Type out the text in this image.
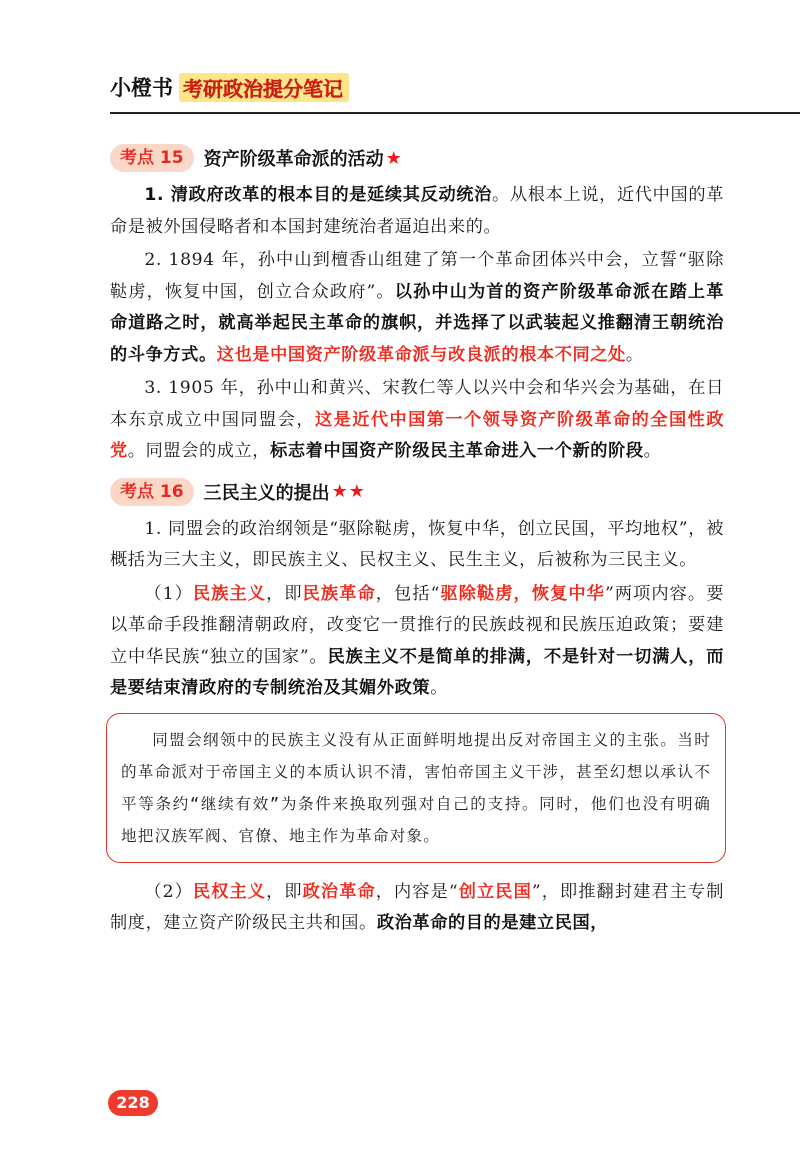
小橙书 考研政治提分笔记
考点 15	资产阶级革命派的活动 ★

1. 清政府改革的根本目的是延续其反动统治。从根本上说，近代中国的革命是被外国侵略者和本国封建统治者逼迫出来的。

2. 1894 年，孙中山到檀香山组建了第一个革命团体兴中会，立誓“驱除鞑虏，恢复中国，创立合众政府”。以孙中山为首的资产阶级革命派在踏上革命道路之时，就高举起民主革命的旗帜，并选择了以武装起义推翻清王朝统治的斗争方式。这也是中国资产阶级革命派与改良派的根本不同之处。

3. 1905 年，孙中山和黄兴、宋教仁等人以兴中会和华兴会为基础，在日本东京成立中国同盟会，这是近代中国第一个领导资产阶级革命的全国性政党。同盟会的成立，标志着中国资产阶级民主革命进入一个新的阶段。

考点 16	三民主义的提出 ★★

1. 同盟会的政治纲领是“驱除鞑虏，恢复中华，创立民国，平均地权”，被概括为三大主义，即民族主义、民权主义、民生主义，后被称为三民主义。

（1）民族主义，即民族革命，包括“驱除鞑虏，恢复中华”两项内容。要以革命手段推翻清朝政府，改变它一贯推行的民族歧视和民族压迫政策；要建立中华民族“独立的国家”。民族主义不是简单的排满，不是针对一切满人，而是要结束清政府的专制统治及其媚外政策。

同盟会纲领中的民族主义没有从正面鲜明地提出反对帝国主义的主张。当时的革命派对于帝国主义的本质认识不清，害怕帝国主义干涉，甚至幻想以承认不平等条约“继续有效”为条件来换取列强对自己的支持。同时，他们也没有明确地把汉族军阀、官僚、地主作为革命对象。

（2）民权主义，即政治革命，内容是“创立民国”，即推翻封建君主专制制度，建立资产阶级民主共和国。政治革命的目的是建立民国，

228
